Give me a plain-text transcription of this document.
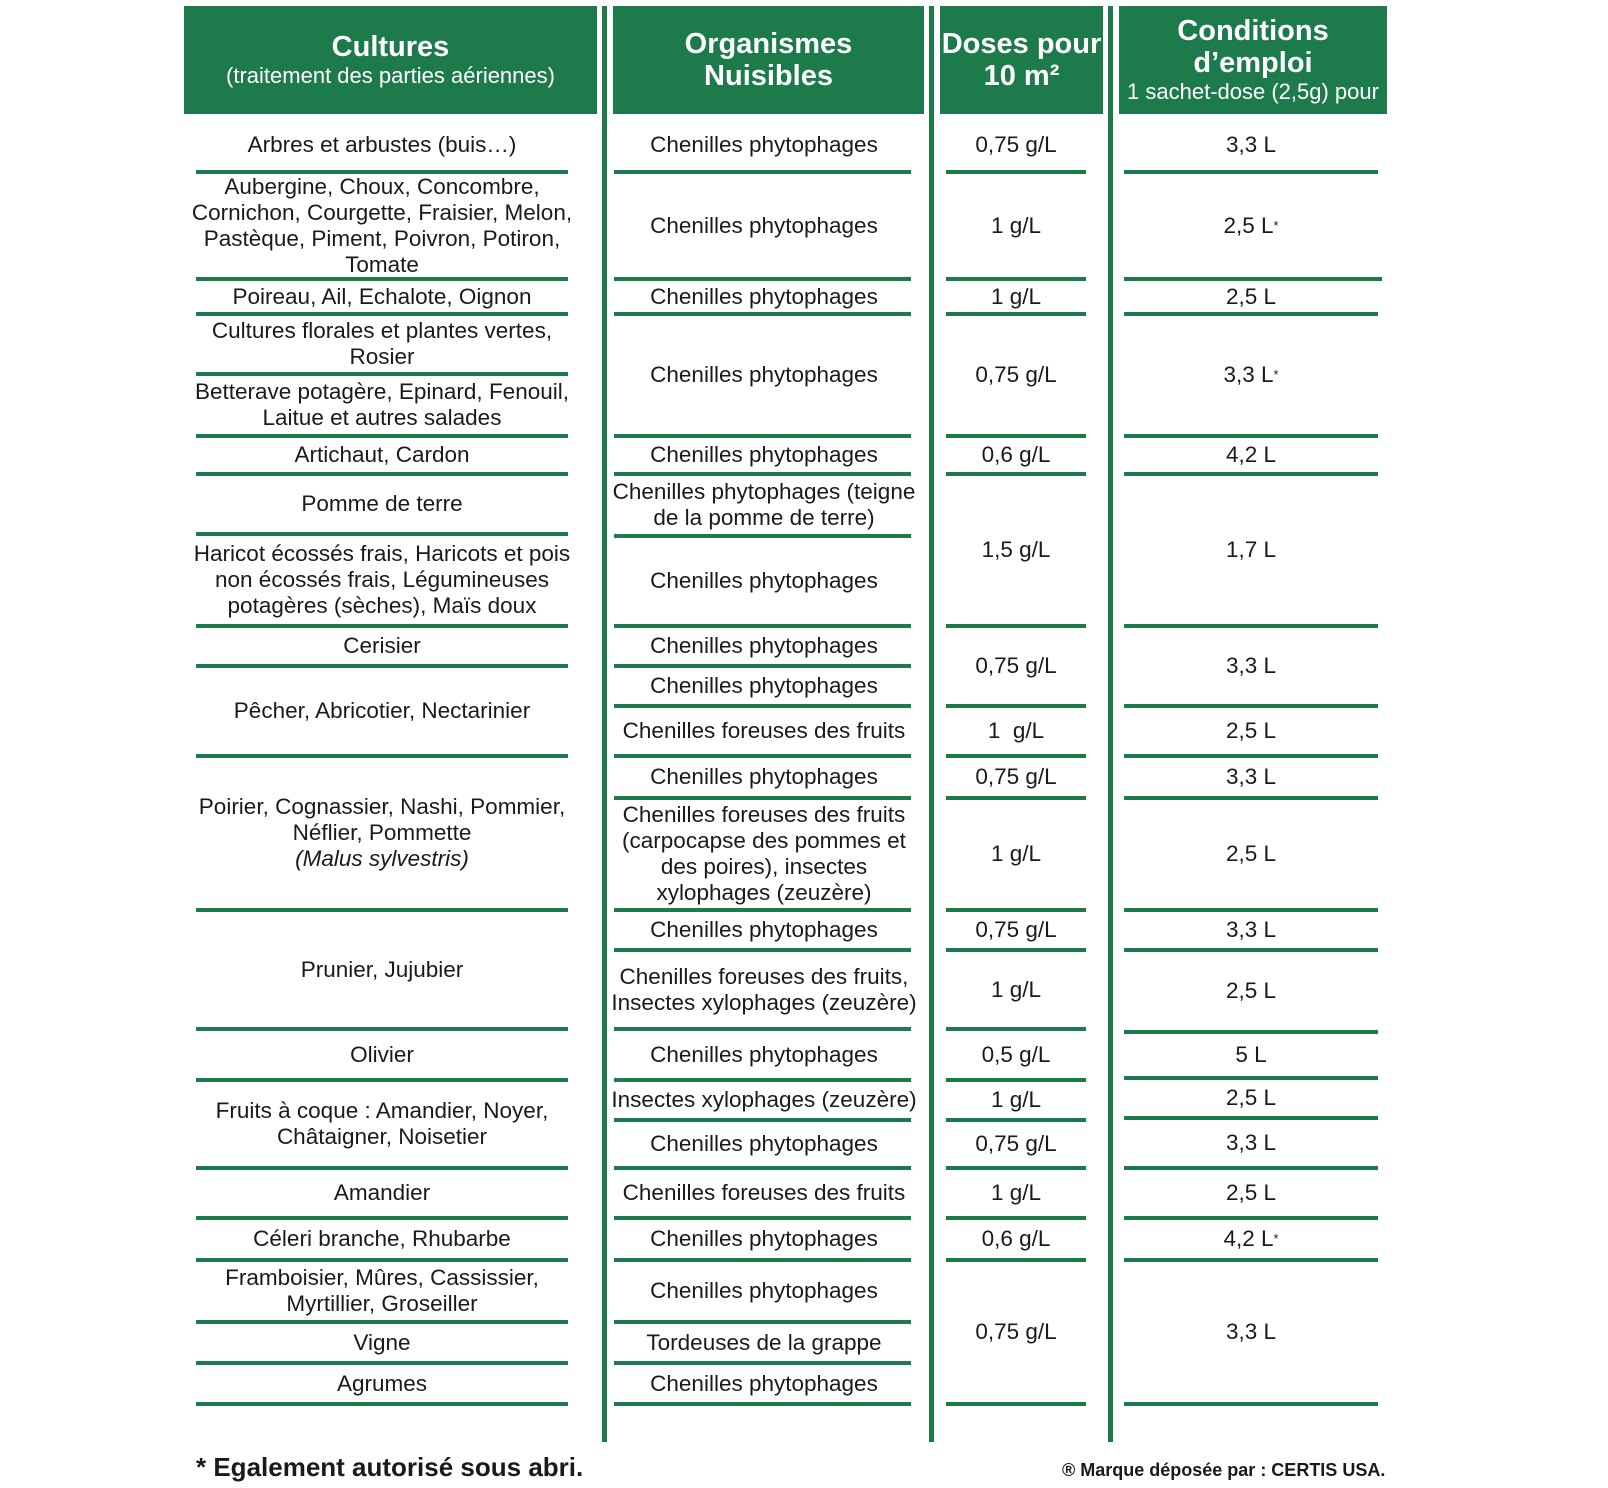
Cultures
(traitement des parties aériennes)
Organismes Nuisibles
Doses pour 10 m²
Conditions d’emploi
1 sachet-dose (2,5g) pour
Arbres et arbustes (buis…)
Aubergine, Choux, Concombre, Cornichon, Courgette, Fraisier, Melon, Pastèque, Piment, Poivron, Potiron, Tomate
Poireau, Ail, Echalote, Oignon
Cultures florales et plantes vertes, Rosier
Betterave potagère, Epinard, Fenouil, Laitue et autres salades
Artichaut, Cardon
Pomme de terre
Haricot écossés frais, Haricots et pois non écossés frais, Légumineuses potagères (sèches), Maïs doux
Cerisier
Pêcher, Abricotier, Nectarinier
Poirier, Cognassier, Nashi, Pommier, Néflier, Pommette
(Malus sylvestris)
Prunier, Jujubier
Olivier
Fruits à coque : Amandier, Noyer, Châtaigner, Noisetier
Amandier
Céleri branche, Rhubarbe
Framboisier, Mûres, Cassissier, Myrtillier, Groseiller
Vigne
Agrumes
Chenilles phytophages
Chenilles phytophages
Chenilles phytophages
Chenilles phytophages
Chenilles phytophages
Chenilles phytophages (teigne de la pomme de terre)
Chenilles phytophages
Chenilles phytophages
Chenilles phytophages
Chenilles foreuses des fruits
Chenilles phytophages
Chenilles foreuses des fruits (carpocapse des pommes et des poires), insectes xylophages (zeuzère)
Chenilles phytophages
Chenilles foreuses des fruits, Insectes xylophages (zeuzère)
Chenilles phytophages
Insectes xylophages (zeuzère)
Chenilles phytophages
Chenilles foreuses des fruits
Chenilles phytophages
Chenilles phytophages
Tordeuses de la grappe
Chenilles phytophages
0,75 g/L
1 g/L
1 g/L
0,75 g/L
0,6 g/L
1,5 g/L
0,75 g/L
1  g/L
0,75 g/L
1 g/L
0,75 g/L
1 g/L
0,5 g/L
1 g/L
0,75 g/L
1 g/L
0,6 g/L
0,75 g/L
3,3 L
2,5 L *
2,5 L
3,3 L *
4,2 L
1,7 L
3,3 L
2,5 L
3,3 L
2,5 L
3,3 L
2,5 L
5 L
2,5 L
3,3 L
2,5 L
4,2 L *
3,3 L
* Egalement autorisé sous abri.	® Marque déposée par : CERTIS USA.
